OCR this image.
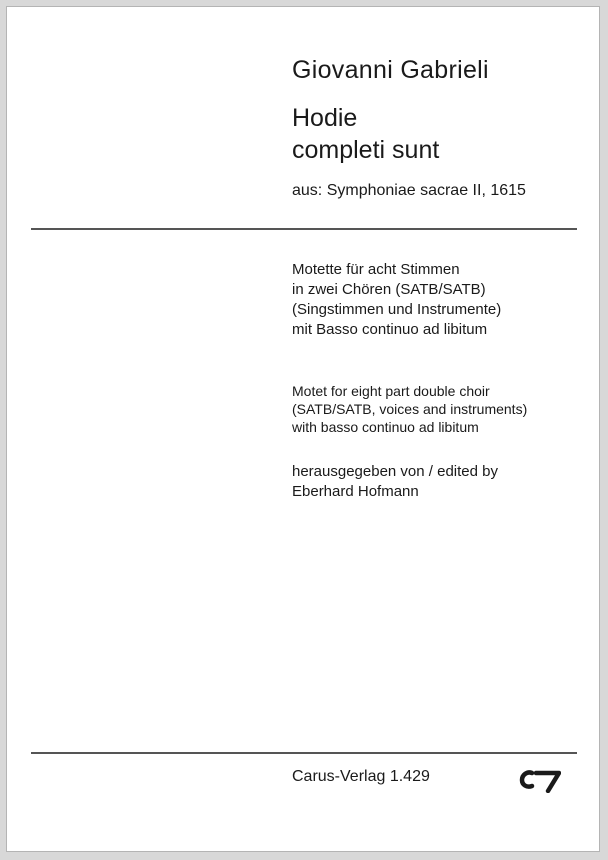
Giovanni Gabrieli
Hodie
completi sunt
aus: Symphoniae sacrae II, 1615
Motette für acht Stimmen
in zwei Chören (SATB/SATB)
(Singstimmen und Instrumente)
mit Basso continuo ad libitum
Motet for eight part double choir
(SATB/SATB, voices and instruments)
with basso continuo ad libitum
herausgegeben von / edited by
Eberhard Hofmann
Carus-Verlag 1.429
